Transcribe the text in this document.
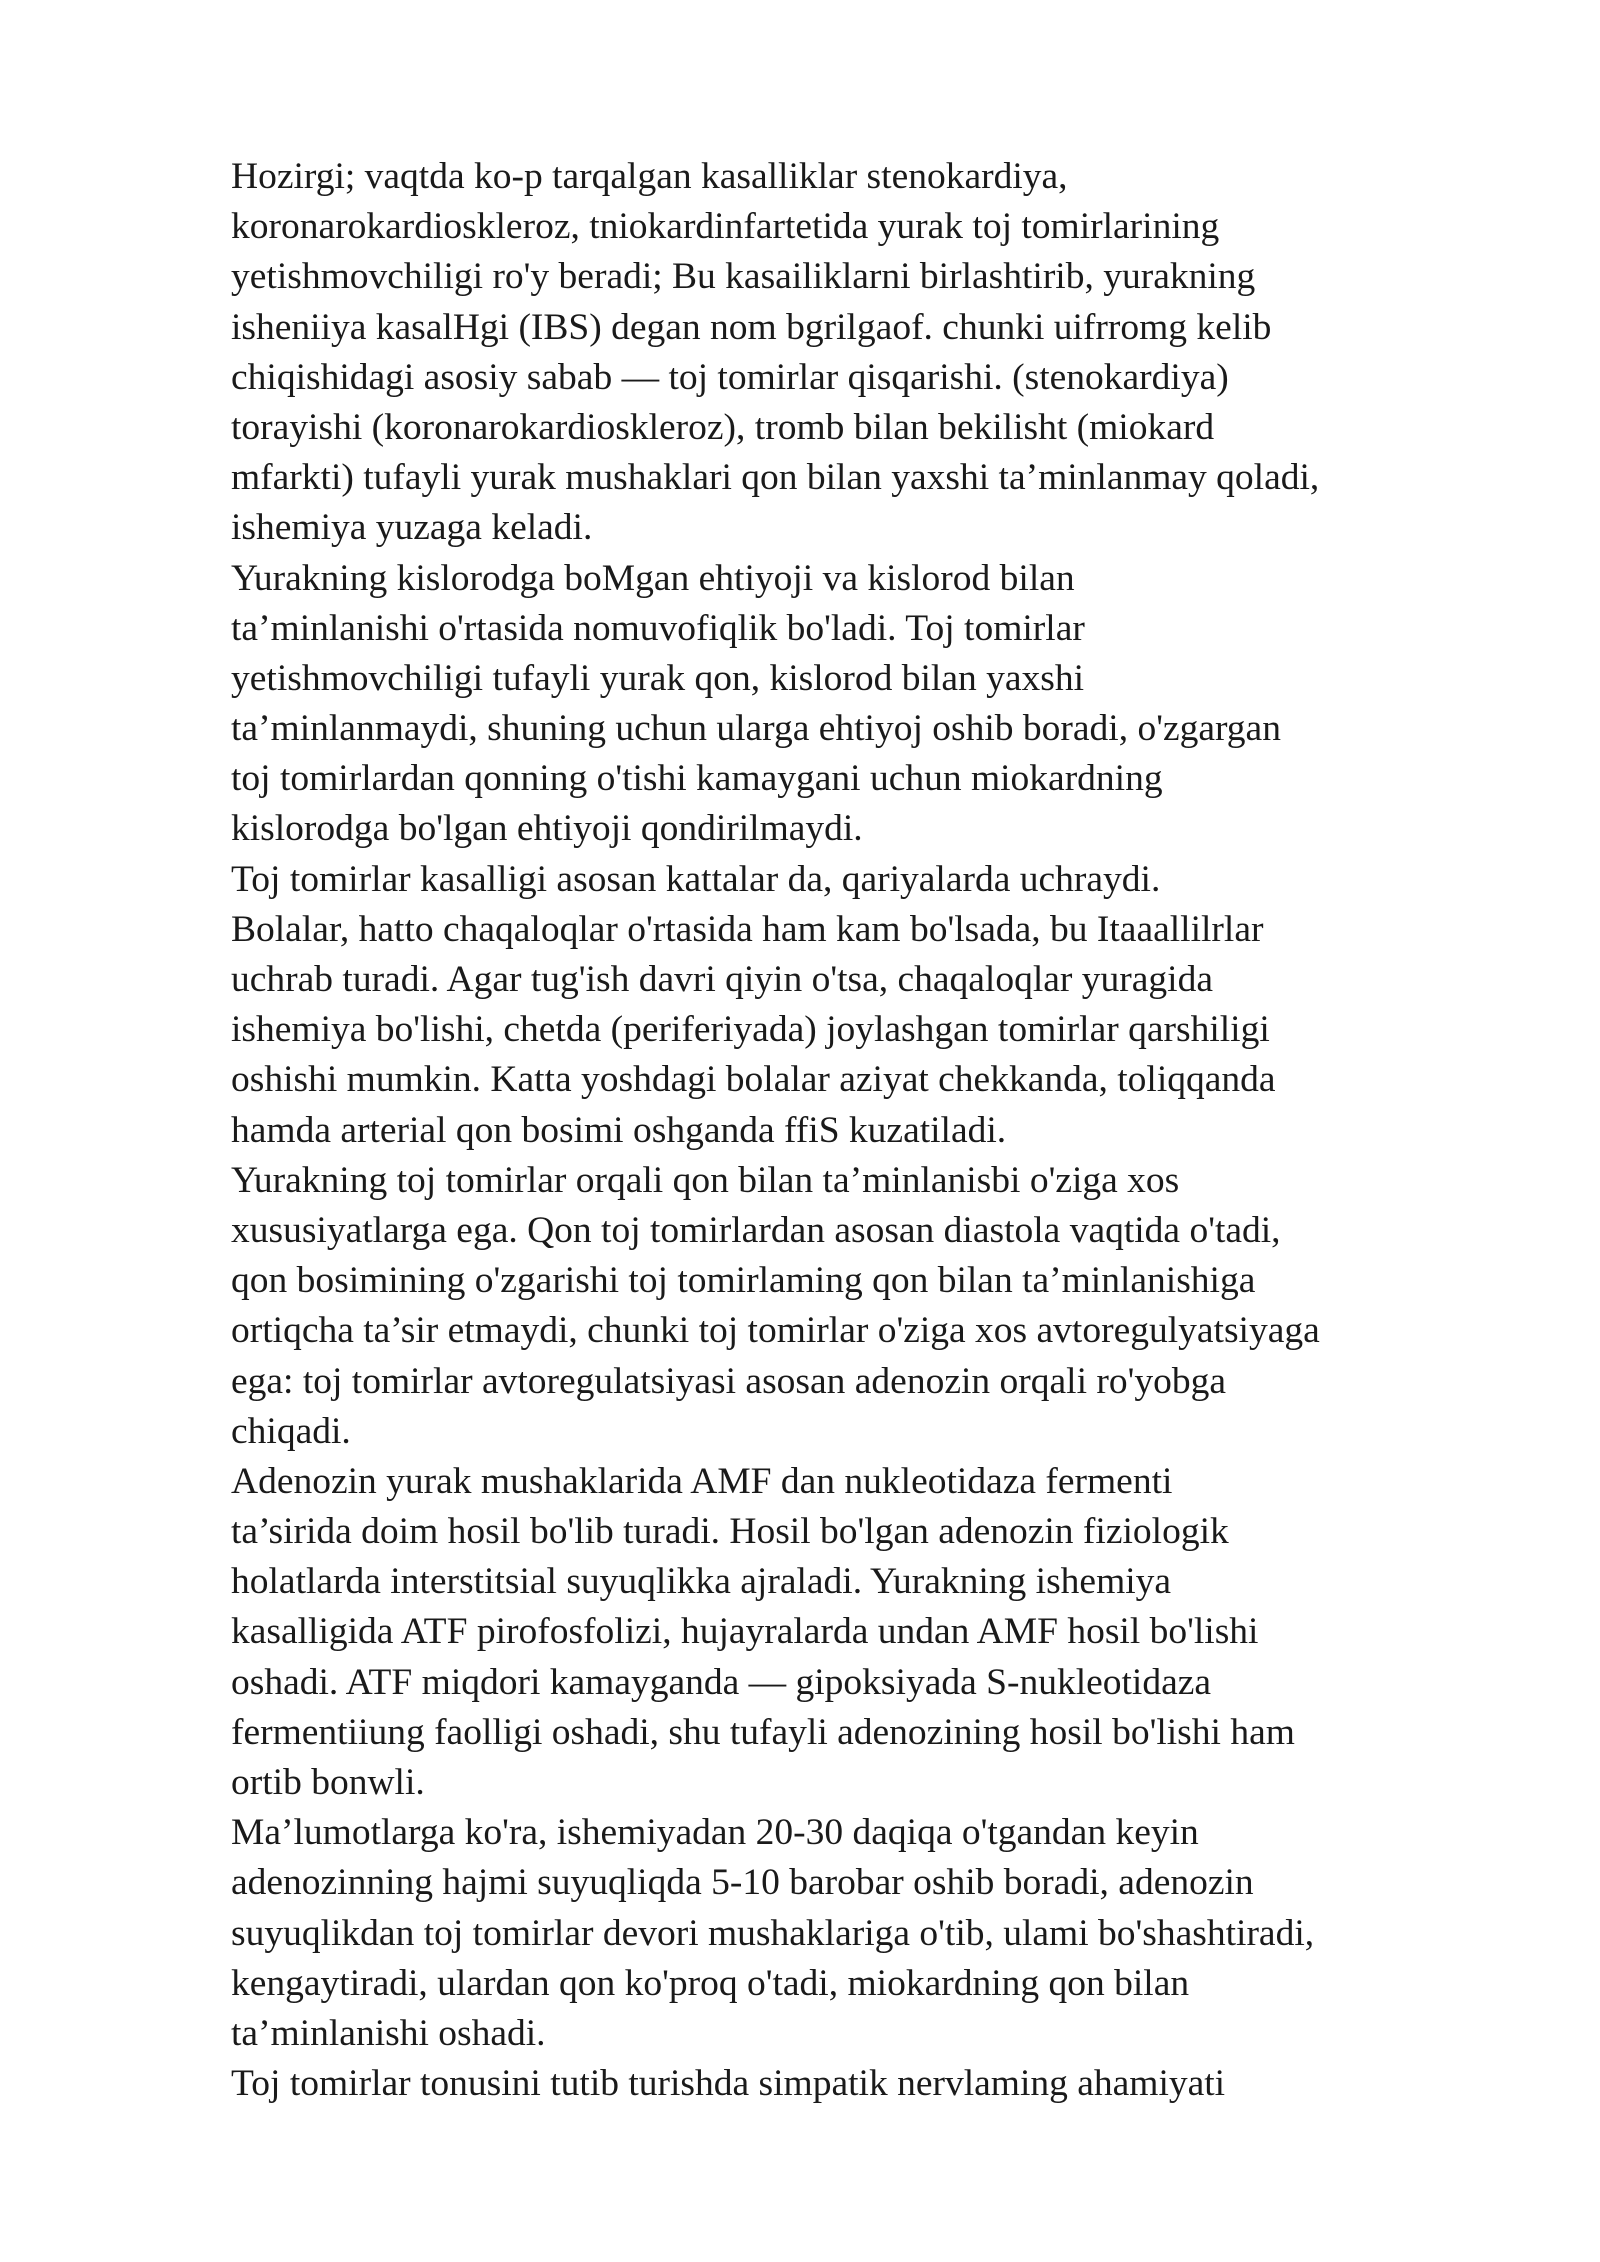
Hozirgi; vaqtda ko-p tarqalgan kasalliklar stenokardiya,
koronarokardioskleroz, tniokardinfartetida yurak toj tomirlarining
yetishmovchiligi ro'y beradi; Bu kasailiklarni birlashtirib, yurakning
isheniiya kasalHgi (IBS) degan nom bgrilgaof. chunki uifrromg kelib
chiqishidagi asosiy sabab — toj tomirlar qisqarishi. (stenokardiya)
torayishi (koronarokardioskleroz), tromb bilan bekilisht (miokard
mfarkti) tufayli yurak mushaklari qon bilan yaxshi ta’minlanmay qoladi,
ishemiya yuzaga keladi.
Yurakning kislorodga boMgan ehtiyoji va kislorod bilan
ta’minlanishi o'rtasida nomuvofiqlik bo'ladi. Toj tomirlar
yetishmovchiligi tufayli yurak qon, kislorod bilan yaxshi
ta’minlanmaydi, shuning uchun ularga ehtiyoj oshib boradi, o'zgargan
toj tomirlardan qonning o'tishi kamaygani uchun miokardning
kislorodga bo'lgan ehtiyoji qondirilmaydi.
Toj tomirlar kasalligi asosan kattalar da, qariyalarda uchraydi.
Bolalar, hatto chaqaloqlar o'rtasida ham kam bo'lsada, bu Itaaallilrlar
uchrab turadi. Agar tug'ish davri qiyin o'tsa, chaqaloqlar yuragida
ishemiya bo'lishi, chetda (periferiyada) joylashgan tomirlar qarshiligi
oshishi mumkin. Katta yoshdagi bolalar aziyat chekkanda, toliqqanda
hamda arterial qon bosimi oshganda ffiS kuzatiladi.
Yurakning toj tomirlar orqali qon bilan ta’minlanisbi o'ziga xos
xususiyatlarga ega. Qon toj tomirlardan asosan diastola vaqtida o'tadi,
qon bosimining o'zgarishi toj tomirlaming qon bilan ta’minlanishiga
ortiqcha ta’sir etmaydi, chunki toj tomirlar o'ziga xos avtoregulyatsiyaga
ega: toj tomirlar avtoregulatsiyasi asosan adenozin orqali ro'yobga
chiqadi.
Adenozin yurak mushaklarida AMF dan nukleotidaza fermenti
ta’sirida doim hosil bo'lib turadi. Hosil bo'lgan adenozin fiziologik
holatlarda interstitsial suyuqlikka ajraladi. Yurakning ishemiya
kasalligida ATF pirofosfolizi, hujayralarda undan AMF hosil bo'lishi
oshadi. ATF miqdori kamayganda — gipoksiyada S-nukleotidaza
fermentiiung faolligi oshadi, shu tufayli adenozining hosil bo'lishi ham
ortib bonwli.
Ma’lumotlarga ko'ra, ishemiyadan 20-30 daqiqa o'tgandan keyin
adenozinning hajmi suyuqliqda 5-10 barobar oshib boradi, adenozin
suyuqlikdan toj tomirlar devori mushaklariga o'tib, ulami bo'shashtiradi,
kengaytiradi, ulardan qon ko'proq o'tadi, miokardning qon bilan
ta’minlanishi oshadi.
Toj tomirlar tonusini tutib turishda simpatik nervlaming ahamiyati
